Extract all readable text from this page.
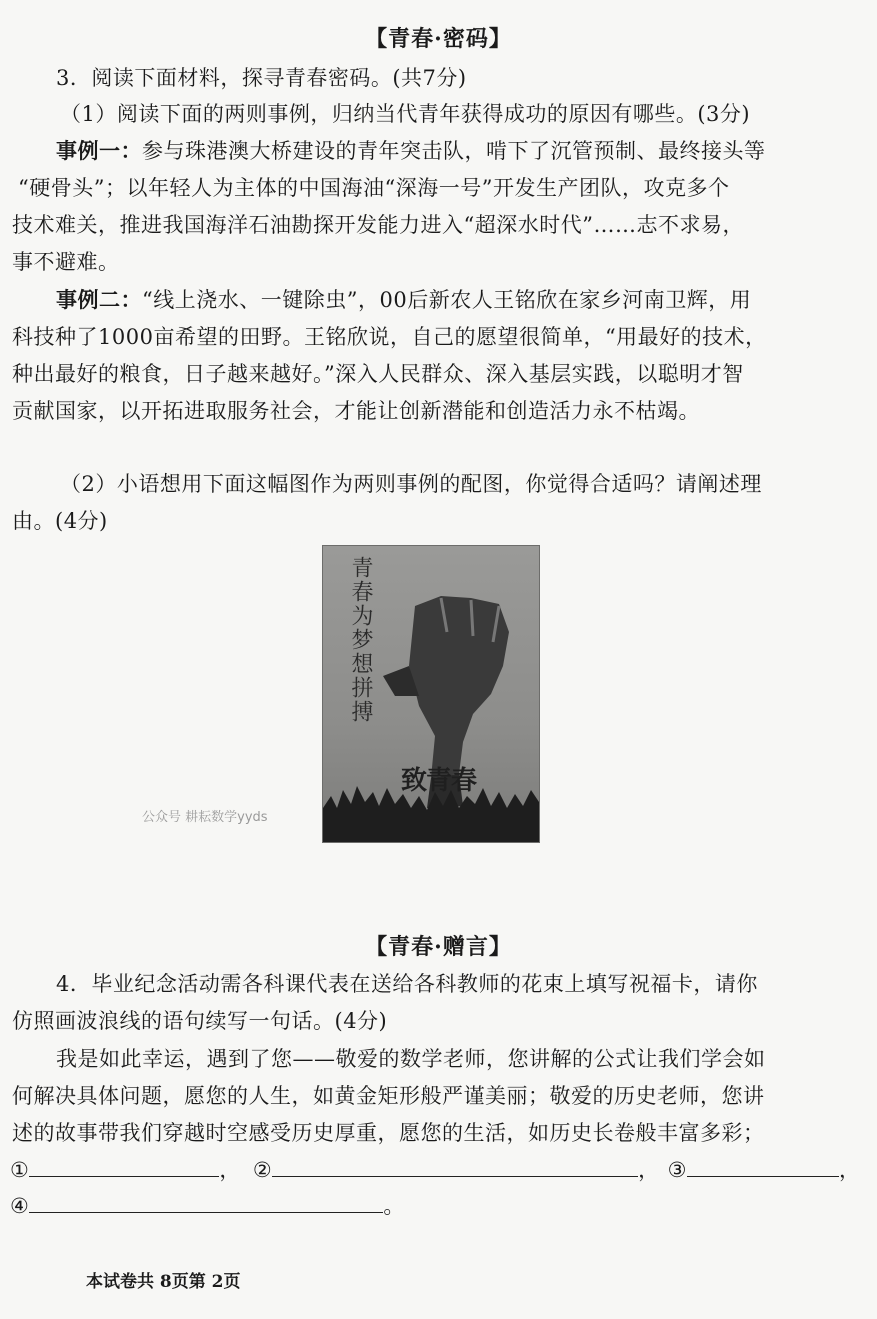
【青春·密码】
3．阅读下面材料，探寻青春密码。(共7分)
（1）阅读下面的两则事例，归纳当代青年获得成功的原因有哪些。(3分)
事例一：参与珠港澳大桥建设的青年突击队，啃下了沉管预制、最终接头等
“硬骨头”；以年轻人为主体的中国海油“深海一号”开发生产团队，攻克多个
技术难关，推进我国海洋石油勘探开发能力进入“超深水时代”……志不求易，
事不避难。
事例二：“线上浇水、一键除虫”，00后新农人王铭欣在家乡河南卫辉，用
科技种了1000亩希望的田野。王铭欣说，自己的愿望很简单，“用最好的技术，
种出最好的粮食，日子越来越好。”深入人民群众、深入基层实践，以聪明才智
贡献国家，以开拓进取服务社会，才能让创新潜能和创造活力永不枯竭。
（2）小语想用下面这幅图作为两则事例的配图，你觉得合适吗？请阐述理
由。(4分)
青春为梦想拼搏
致青春
公众号 耕耘数学yyds
【青春·赠言】
4．毕业纪念活动需各科课代表在送给各科教师的花束上填写祝福卡，请你
仿照画波浪线的语句续写一句话。(4分)
我是如此幸运，遇到了您——敬爱的数学老师，您讲解的公式让我们学会如
何解决具体问题，愿您的人生，如黄金矩形般严谨美丽；敬爱的历史老师，您讲
述的故事带我们穿越时空感受历史厚重，愿您的生活，如历史长卷般丰富多彩；
①	， ②	， ③	，
④	。
本试卷共 8页第 2页
